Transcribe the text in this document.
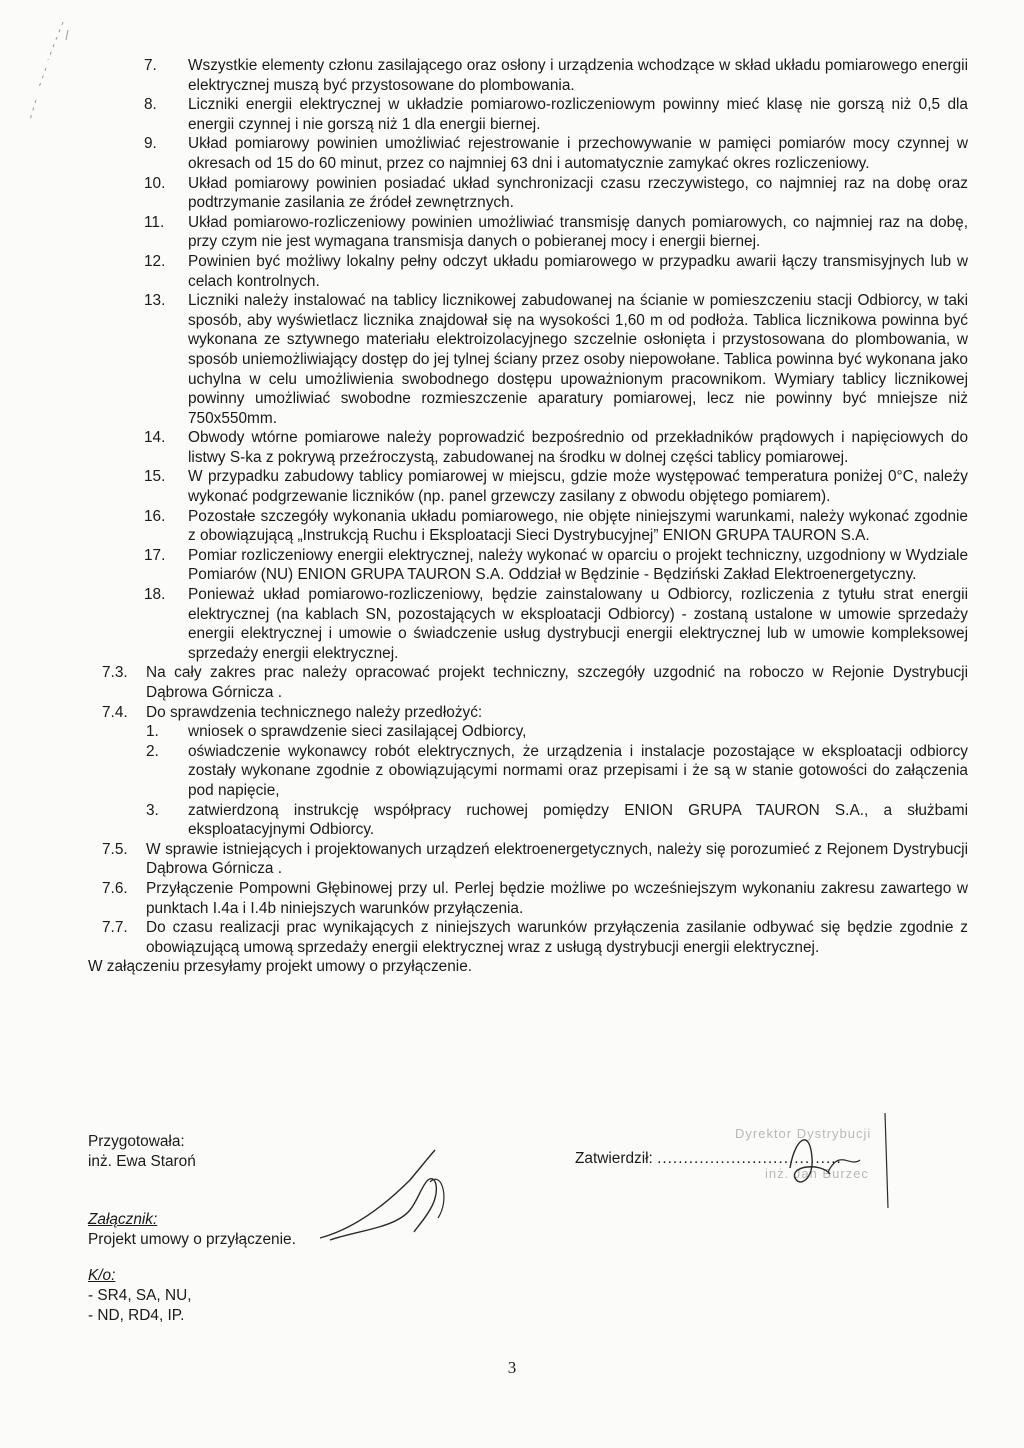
7. Wszystkie elementy członu zasilającego oraz osłony i urządzenia wchodzące w skład układu pomiarowego energii elektrycznej muszą być przystosowane do plombowania.
8. Liczniki energii elektrycznej w układzie pomiarowo-rozliczeniowym powinny mieć klasę nie gorszą niż 0,5 dla energii czynnej i nie gorszą niż 1 dla energii biernej.
9. Układ pomiarowy powinien umożliwiać rejestrowanie i przechowywanie w pamięci pomiarów mocy czynnej w okresach od 15 do 60 minut, przez co najmniej 63 dni i automatycznie zamykać okres rozliczeniowy.
10. Układ pomiarowy powinien posiadać układ synchronizacji czasu rzeczywistego, co najmniej raz na dobę oraz podtrzymanie zasilania ze źródeł zewnętrznych.
11. Układ pomiarowo-rozliczeniowy powinien umożliwiać transmisję danych pomiarowych, co najmniej raz na dobę, przy czym nie jest wymagana transmisja danych o pobieranej mocy i energii biernej.
12. Powinien być możliwy lokalny pełny odczyt układu pomiarowego w przypadku awarii łączy transmisyjnych lub w celach kontrolnych.
13. Liczniki należy instalować na tablicy licznikowej zabudowanej na ścianie w pomieszczeniu stacji Odbiorcy, w taki sposób, aby wyświetlacz licznika znajdował się na wysokości 1,60 m od podłoża. Tablica licznikowa powinna być wykonana ze sztywnego materiału elektroizolacyjnego szczelnie osłonięta i przystosowana do plombowania, w sposób uniemożliwiający dostęp do jej tylnej ściany przez osoby niepowołane. Tablica powinna być wykonana jako uchylna w celu umożliwienia swobodnego dostępu upoważnionym pracownikom. Wymiary tablicy licznikowej powinny umożliwiać swobodne rozmieszczenie aparatury pomiarowej, lecz nie powinny być mniejsze niż 750x550mm.
14. Obwody wtórne pomiarowe należy poprowadzić bezpośrednio od przekładników prądowych i napięciowych do listwy S-ka z pokrywą przeźroczystą, zabudowanej na środku w dolnej części tablicy pomiarowej.
15. W przypadku zabudowy tablicy pomiarowej w miejscu, gdzie może występować temperatura poniżej 0°C, należy wykonać podgrzewanie liczników (np. panel grzewczy zasilany z obwodu objętego pomiarem).
16. Pozostałe szczegóły wykonania układu pomiarowego, nie objęte niniejszymi warunkami, należy wykonać zgodnie z obowiązującą „Instrukcją Ruchu i Eksploatacji Sieci Dystrybucyjnej” ENION GRUPA TAURON S.A.
17. Pomiar rozliczeniowy energii elektrycznej, należy wykonać w oparciu o projekt techniczny, uzgodniony w Wydziale Pomiarów (NU) ENION GRUPA TAURON S.A. Oddział w Będzinie - Będziński Zakład Elektroenergetyczny.
18. Ponieważ układ pomiarowo-rozliczeniowy, będzie zainstalowany u Odbiorcy, rozliczenia z tytułu strat energii elektrycznej (na kablach SN, pozostających w eksploatacji Odbiorcy) - zostaną ustalone w umowie sprzedaży energii elektrycznej i umowie o świadczenie usług dystrybucji energii elektrycznej lub w umowie kompleksowej sprzedaży energii elektrycznej.
7.3. Na cały zakres prac należy opracować projekt techniczny, szczegóły uzgodnić na roboczo w Rejonie Dystrybucji Dąbrowa Górnicza .
7.4. Do sprawdzenia technicznego należy przedłożyć:
1. wniosek o sprawdzenie sieci zasilającej Odbiorcy,
2. oświadczenie wykonawcy robót elektrycznych, że urządzenia i instalacje pozostające w eksploatacji odbiorcy zostały wykonane zgodnie z obowiązującymi normami oraz przepisami i że są w stanie gotowości do załączenia pod napięcie,
3. zatwierdzoną instrukcję współpracy ruchowej pomiędzy ENION GRUPA TAURON S.A., a służbami eksploatacyjnymi Odbiorcy.
7.5. W sprawie istniejących i projektowanych urządzeń elektroenergetycznych, należy się porozumieć z Rejonem Dystrybucji Dąbrowa Górnicza .
7.6. Przyłączenie Pompowni Głębinowej przy ul. Perlej będzie możliwe po wcześniejszym wykonaniu zakresu zawartego w punktach I.4a i I.4b niniejszych warunków przyłączenia.
7.7. Do czasu realizacji prac wynikających z niniejszych warunków przyłączenia zasilanie odbywać się będzie zgodnie z obowiązującą umową sprzedaży energii elektrycznej wraz z usługą dystrybucji energii elektrycznej.

W załączeniu przesyłamy projekt umowy o przyłączenie.

Przygotowała:
inż. Ewa Staroń
Załącznik:
Projekt umowy o przyłączenie.
K/o:
- SR4, SA, NU,
- ND, RD4, IP.
Zatwierdził: ...................................
Dyrektor Dystrybucji
inż. Jan Burzec
3
